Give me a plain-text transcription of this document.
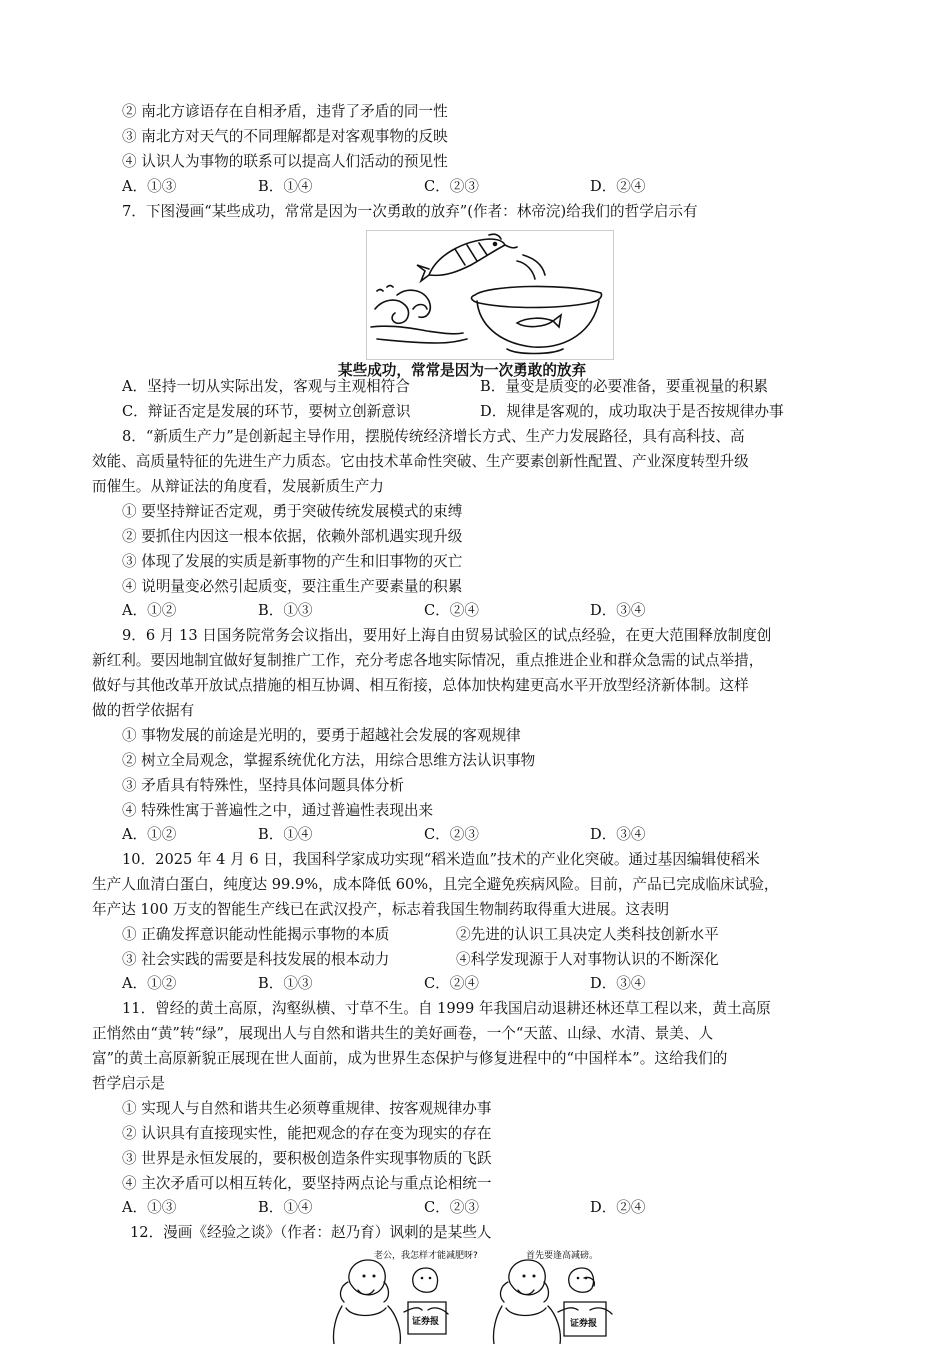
② 南北方谚语存在自相矛盾，违背了矛盾的同一性
③ 南北方对天气的不同理解都是对客观事物的反映
④ 认识人为事物的联系可以提高人们活动的预见性
A．①③	B．①④	C．②③	D．②④
7．下图漫画“某些成功，常常是因为一次勇敢的放弃”(作者：林帝浣)给我们的哲学启示有
某些成功，常常是因为一次勇敢的放弃
A．坚持一切从实际出发，客观与主观相符合	B．量变是质变的必要准备，要重视量的积累
C．辩证否定是发展的环节，要树立创新意识	D．规律是客观的，成功取决于是否按规律办事
8．“新质生产力”是创新起主导作用，摆脱传统经济增长方式、生产力发展路径，具有高科技、高
效能、高质量特征的先进生产力质态。它由技术革命性突破、生产要素创新性配置、产业深度转型升级
而催生。从辩证法的角度看，发展新质生产力
① 要坚持辩证否定观，勇于突破传统发展模式的束缚
② 要抓住内因这一根本依据，依赖外部机遇实现升级
③ 体现了发展的实质是新事物的产生和旧事物的灭亡
④ 说明量变必然引起质变，要注重生产要素量的积累
A．①②	B．①③	C．②④	D．③④
9．6 月 13 日国务院常务会议指出，要用好上海自由贸易试验区的试点经验，在更大范围释放制度创
新红利。要因地制宜做好复制推广工作，充分考虑各地实际情况，重点推进企业和群众急需的试点举措，
做好与其他改革开放试点措施的相互协调、相互衔接，总体加快构建更高水平开放型经济新体制。这样
做的哲学依据有
① 事物发展的前途是光明的，要勇于超越社会发展的客观规律
② 树立全局观念，掌握系统优化方法，用综合思维方法认识事物
③ 矛盾具有特殊性，坚持具体问题具体分析
④ 特殊性寓于普遍性之中，通过普遍性表现出来
A．①②	B．①④	C．②③	D．③④
10．2025 年 4 月 6 日，我国科学家成功实现“稻米造血”技术的产业化突破。通过基因编辑使稻米
生产人血清白蛋白，纯度达 99.9%，成本降低 60%，且完全避免疾病风险。目前，产品已完成临床试验，
年产达 100 万支的智能生产线已在武汉投产，标志着我国生物制药取得重大进展。这表明
① 正确发挥意识能动性能揭示事物的本质	②先进的认识工具决定人类科技创新水平
③ 社会实践的需要是科技发展的根本动力	④科学发现源于人对事物认识的不断深化
A．①②	B．①③	C．②④	D．③④
11．曾经的黄土高原，沟壑纵横、寸草不生。自 1999 年我国启动退耕还林还草工程以来，黄土高原
正悄然由“黄”转“绿”，展现出人与自然和谐共生的美好画卷，一个“天蓝、山绿、水清、景美、人
富”的黄土高原新貌正展现在世人面前，成为世界生态保护与修复进程中的“中国样本”。这给我们的
哲学启示是
① 实现人与自然和谐共生必须尊重规律、按客观规律办事
② 认识具有直接现实性，能把观念的存在变为现实的存在
③ 世界是永恒发展的，要积极创造条件实现事物质的飞跃
④ 主次矛盾可以相互转化，要坚持两点论与重点论相统一
A．①③	B．①④	C．②③	D．②④
12．漫画《经验之谈》（作者：赵乃育）讽刺的是某些人
老公，我怎样才能减肥呀?	首先要逢高减磅。
证券报	证券报
